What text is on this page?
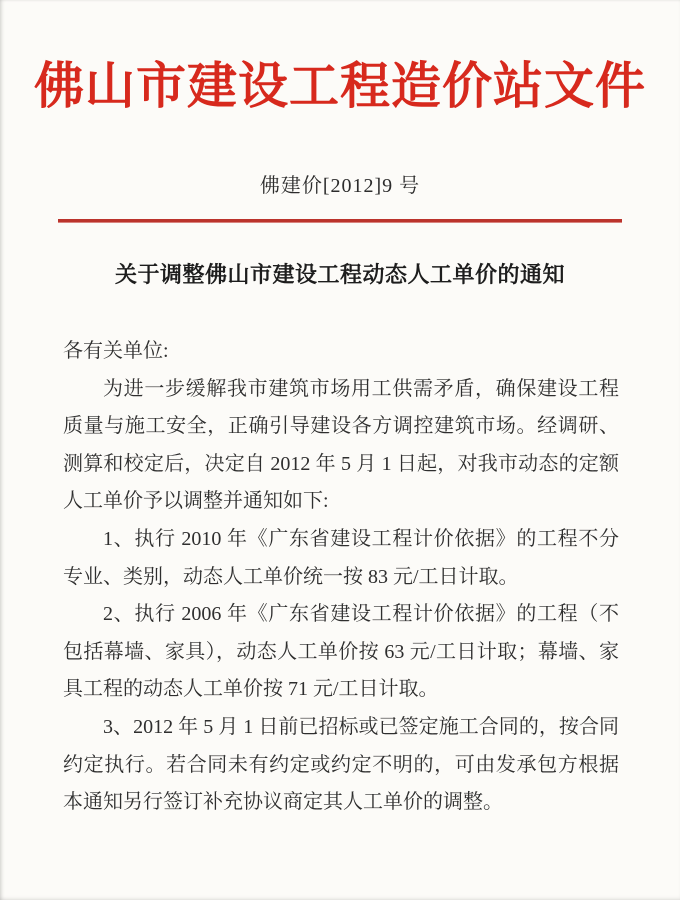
佛山市建设工程造价站文件
佛建价[2012]9 号
关于调整佛山市建设工程动态人工单价的通知

各有关单位:

为进一步缓解我市建筑市场用工供需矛盾，确保建设工程质量与施工安全，正确引导建设各方调控建筑市场。经调研、测算和校定后，决定自 2012 年 5 月 1 日起，对我市动态的定额人工单价予以调整并通知如下:

1、执行 2010 年《广东省建设工程计价依据》的工程不分专业、类别，动态人工单价统一按 83 元/工日计取。

2、执行 2006 年《广东省建设工程计价依据》的工程（不包括幕墙、家具），动态人工单价按 63 元/工日计取；幕墙、家具工程的动态人工单价按 71 元/工日计取。

3、2012 年 5 月 1 日前已招标或已签定施工合同的，按合同约定执行。若合同未有约定或约定不明的，可由发承包方根据本通知另行签订补充协议商定其人工单价的调整。
